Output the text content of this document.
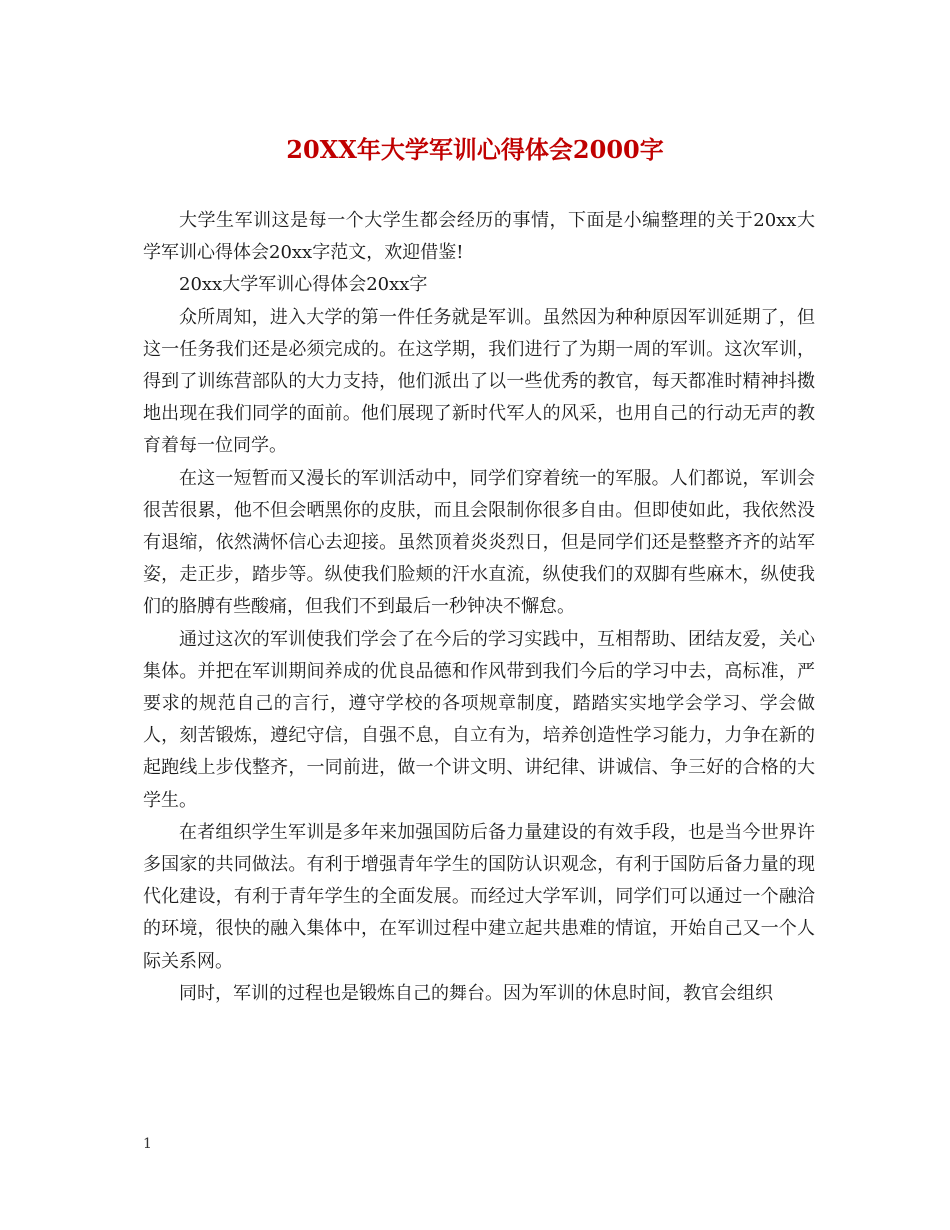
20XX年大学军训心得体会2000字

大学生军训这是每一个大学生都会经历的事情，下面是小编整理的关于20xx大学军训心得体会20xx字范文，欢迎借鉴!

20xx大学军训心得体会20xx字

众所周知，进入大学的第一件任务就是军训。虽然因为种种原因军训延期了，但这一任务我们还是必须完成的。在这学期，我们进行了为期一周的军训。这次军训，得到了训练营部队的大力支持，他们派出了以一些优秀的教官，每天都准时精神抖擞地出现在我们同学的面前。他们展现了新时代军人的风采，也用自己的行动无声的教育着每一位同学。

在这一短暂而又漫长的军训活动中，同学们穿着统一的军服。人们都说，军训会很苦很累，他不但会晒黑你的皮肤，而且会限制你很多自由。但即使如此，我依然没有退缩，依然满怀信心去迎接。虽然顶着炎炎烈日，但是同学们还是整整齐齐的站军姿，走正步，踏步等。纵使我们脸颊的汗水直流，纵使我们的双脚有些麻木，纵使我们的胳膊有些酸痛，但我们不到最后一秒钟决不懈怠。

通过这次的军训使我们学会了在今后的学习实践中，互相帮助、团结友爱，关心集体。并把在军训期间养成的优良品德和作风带到我们今后的学习中去，高标准，严要求的规范自己的言行，遵守学校的各项规章制度，踏踏实实地学会学习、学会做人，刻苦锻炼，遵纪守信，自强不息，自立有为，培养创造性学习能力，力争在新的起跑线上步伐整齐，一同前进，做一个讲文明、讲纪律、讲诚信、争三好的合格的大学生。

在者组织学生军训是多年来加强国防后备力量建设的有效手段，也是当今世界许多国家的共同做法。有利于增强青年学生的国防认识观念，有利于国防后备力量的现代化建设，有利于青年学生的全面发展。而经过大学军训，同学们可以通过一个融洽的环境，很快的融入集体中，在军训过程中建立起共患难的情谊，开始自己又一个人际关系网。

同时，军训的过程也是锻炼自己的舞台。因为军训的休息时间，教官会组织

1
